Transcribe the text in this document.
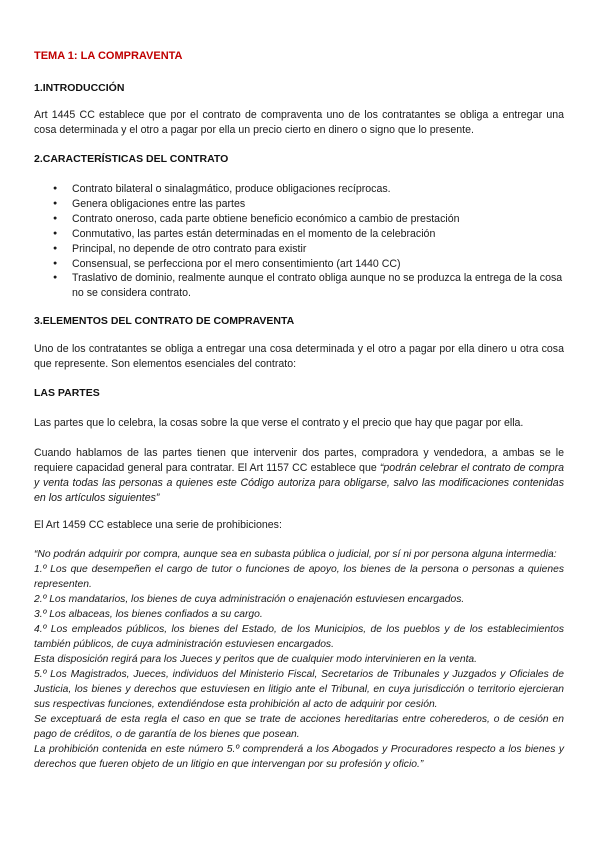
TEMA 1: LA COMPRAVENTA
1.INTRODUCCIÓN

Art 1445 CC establece que por el contrato de compraventa uno de los contratantes se obliga a entregar una cosa determinada y el otro a pagar por ella un precio cierto en dinero o signo que lo presente.

2.CARACTERÍSTICAS DEL CONTRATO
● Contrato bilateral o sinalagmático, produce obligaciones recíprocas.
● Genera obligaciones entre las partes
● Contrato oneroso, cada parte obtiene beneficio económico a cambio de prestación
● Conmutativo, las partes están determinadas en el momento de la celebración
● Principal, no depende de otro contrato para existir
● Consensual, se perfecciona por el mero consentimiento (art 1440 CC)
● Traslativo de dominio, realmente aunque el contrato obliga aunque no se produzca la entrega de la cosa no se considera contrato.
3.ELEMENTOS DEL CONTRATO DE COMPRAVENTA

Uno de los contratantes se obliga a entregar una cosa determinada y el otro a pagar por ella dinero u otra cosa que represente. Son elementos esenciales del contrato:

LAS PARTES

Las partes que lo celebra, la cosas sobre la que verse el contrato y el precio que hay que pagar por ella.

Cuando hablamos de las partes tienen que intervenir dos partes, compradora y vendedora, a ambas se le requiere capacidad general para contratar. El Art 1157 CC establece que “podrán celebrar el contrato de compra y venta todas las personas a quienes este Código autoriza para obligarse, salvo las modificaciones contenidas en los artículos siguientes”

El Art 1459 CC establece una serie de prohibiciones:

“No podrán adquirir por compra, aunque sea en subasta pública o judicial, por sí ni por persona alguna intermedia:

1.º Los que desempeñen el cargo de tutor o funciones de apoyo, los bienes de la persona o personas a quienes representen.

2.º Los mandatarios, los bienes de cuya administración o enajenación estuviesen encargados.

3.º Los albaceas, los bienes confiados a su cargo.

4.º Los empleados públicos, los bienes del Estado, de los Municipios, de los pueblos y de los establecimientos también públicos, de cuya administración estuviesen encargados.

Esta disposición regirá para los Jueces y peritos que de cualquier modo intervinieren en la venta.

5.º Los Magistrados, Jueces, individuos del Ministerio Fiscal, Secretarios de Tribunales y Juzgados y Oficiales de Justicia, los bienes y derechos que estuviesen en litigio ante el Tribunal, en cuya jurisdicción o territorio ejercieran sus respectivas funciones, extendiéndose esta prohibición al acto de adquirir por cesión.

Se exceptuará de esta regla el caso en que se trate de acciones hereditarias entre coherederos, o de cesión en pago de créditos, o de garantía de los bienes que posean.

La prohibición contenida en este número 5.º comprenderá a los Abogados y Procuradores respecto a los bienes y derechos que fueren objeto de un litigio en que intervengan por su profesión y oficio.”
